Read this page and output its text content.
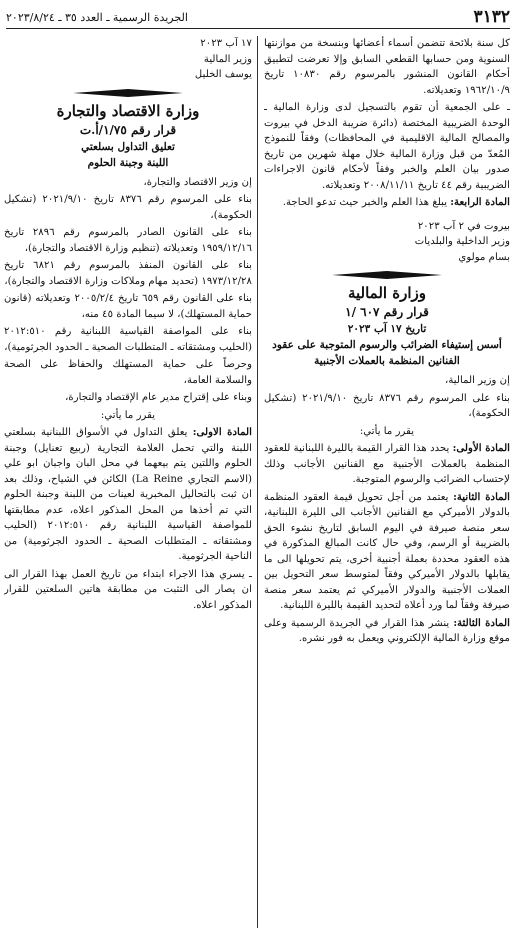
٣١٣٢
الجريدة الرسمية ـ العدد ٣٥ ـ ٢٠٢٣/٨/٢٤

كل سنة بلائحة تتضمن أسماء أعضائها وبنسخة من موازنتها السنوية ومن حسابها القطعي السابق وإلا تعرضت لتطبيق أحكام القانون المنشور بالمرسوم رقم ١٠٨٣٠ تاريخ ١٩٦٢/١٠/٩ وتعديلاته.

ـ على الجمعية أن تقوم بالتسجيل لدى وزارة المالية ـ الوحدة الضريبية المختصة (دائرة ضريبة الدخل في بيروت والمصالح المالية الاقليمية في المحافظات) وفقاً للنموذج المُعدّ من قبل وزارة المالية خلال مهلة شهرين من تاريخ صدور بيان العلم والخبر وفقاً لأحكام قانون الاجراءات الضريبية رقم ٤٤ تاريخ ٢٠٠٨/١١/١١ وتعديلاته.

المادة الرابعة: يبلغ هذا العلم والخبر حيث تدعو الحاجة.

بيروت في ٢ آب ٢٠٢٣

وزير الداخلية والبلديات

بسام مولوي

وزارة المالية

قرار رقم ٦٠٧ /١

تاريخ ١٧ آب ٢٠٢٣

أسس إستيفاء الضرائب والرسوم المتوجبة على عقود الفنانين المنظمة بالعملات الأجنبية

إن وزير المالية،

بناء على المرسوم رقم ٨٣٧٦ تاريخ ٢٠٢١/٩/١٠ (تشكيل الحكومة)،

يقرر ما يأتي:

المادة الأولى: يحدد هذا القرار القيمة بالليرة اللبنانية للعقود المنظمة بالعملات الأجنبية مع الفنانين الأجانب وذلك لإحتساب الضرائب والرسوم المتوجبة.

المادة الثانية: يعتمد من أجل تحويل قيمة العقود المنظمة بالدولار الأميركي مع الفنانين الأجانب الى الليرة اللبنانية، سعر منصة صيرفة في اليوم السابق لتاريخ نشوء الحق بالضريبة أو الرسم، وفي حال كانت المبالغ المذكورة في هذه العقود محددة بعملة أجنبية أخرى، يتم تحويلها الى ما يقابلها بالدولار الأميركي وفقاً لمتوسط سعر التحويل بين العملات الأجنبية والدولار الأميركي ثم يعتمد سعر منصة صيرفة وفقاً لما ورد أعلاه لتحديد القيمة بالليرة اللبنانية.

المادة الثالثة: ينشر هذا القرار في الجريدة الرسمية وعلى موقع وزارة المالية الإلكتروني ويعمل به فور نشره.

١٧ آب ٢٠٢٣

وزير المالية

يوسف الخليل

وزارة الاقتصاد والتجارة

قرار رقم ١/٧٥/أ.ت

تعليق التداول بسلعتي

اللبنة وجبنة الحلوم

إن وزير الاقتصاد والتجارة،

بناء على المرسوم رقم ٨٣٧٦ تاريخ ٢٠٢١/٩/١٠ (تشكيل الحكومة)،

بناء على القانون الصادر بالمرسوم رقم ٢٨٩٦ تاريخ ١٩٥٩/١٢/١٦ وتعديلاته (تنظيم وزارة الاقتصاد والتجارة)،

بناء على القانون المنفذ بالمرسوم رقم ٦٨٢١ تاريخ ١٩٧٣/١٢/٢٨ (تحديد مهام وملاكات وزارة الاقتصاد والتجارة)،

بناء على القانون رقم ٦٥٩ تاريخ ٢٠٠٥/٢/٤ وتعديلاته (قانون حماية المستهلك)، لا سيما المادة ٤٥ منه،

بناء على المواصفة القياسية اللبنانية رقم ٢٠١٢:٥١٠ (الحليب ومشتقاته ـ المتطلبات الصحية ـ الحدود الجرثومية)،

وحرصاً على حماية المستهلك والحفاظ على الصحة والسلامة العامة،

وبناء على إقتراح مدير عام الإقتصاد والتجارة،

يقرر ما يأتي:

المادة الاولى: يعلق التداول في الأسواق اللبنانية بسلعتي اللبنة والتي تحمل العلامة التجارية (ربيع تعنايل) وجبنة الحلوم واللتين يتم بيعهما في محل البان واجبان ابو علي (الاسم التجاري La Reine) الكائن في الشياح، وذلك بعد ان ثبت بالتحاليل المخبرية لعينات من اللبنة وجبنة الحلوم التي تم أخذها من المحل المذكور اعلاه، عدم مطابقتها للمواصفة القياسية اللبنانية رقم ٢٠١٢:٥١٠ (الحليب ومشتقاته ـ المتطلبات الصحية ـ الحدود الجرثومية) من الناحية الجرثومية.

ـ يسري هذا الاجراء ابتداء من تاريخ العمل بهذا القرار الى ان يصار الى التثبت من مطابقة هاتين السلعتين للقرار المذكور اعلاه.
